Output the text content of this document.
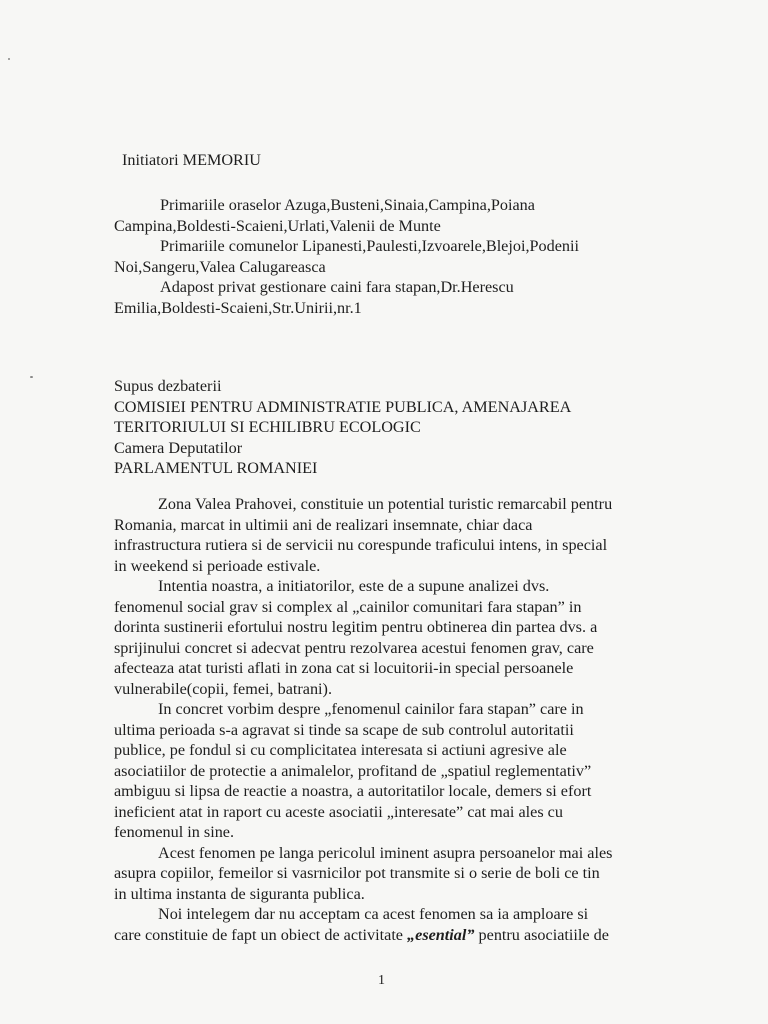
Initiatori MEMORIU
Primariile oraselor Azuga,Busteni,Sinaia,Campina,Poiana
Campina,Boldesti-Scaieni,Urlati,Valenii de Munte
Primariile comunelor Lipanesti,Paulesti,Izvoarele,Blejoi,Podenii
Noi,Sangeru,Valea Calugareasca
Adapost privat gestionare caini fara stapan,Dr.Herescu
Emilia,Boldesti-Scaieni,Str.Unirii,nr.1
Supus dezbaterii
COMISIEI PENTRU ADMINISTRATIE PUBLICA, AMENAJAREA
TERITORIULUI SI ECHILIBRU ECOLOGIC
Camera Deputatilor
PARLAMENTUL ROMANIEI

Zona Valea Prahovei, constituie un potential turistic remarcabil pentru
Romania, marcat in ultimii ani de realizari insemnate, chiar daca
infrastructura rutiera si de servicii nu corespunde traficului intens, in special
in weekend si perioade estivale.

Intentia noastra, a initiatorilor, este de a supune analizei dvs.
fenomenul social grav si complex al „cainilor comunitari fara stapan” in
dorinta sustinerii efortului nostru legitim pentru obtinerea din partea dvs. a
sprijinului concret si adecvat pentru rezolvarea acestui fenomen grav, care
afecteaza atat turisti aflati in zona cat si locuitorii-in special persoanele
vulnerabile(copii, femei, batrani).

In concret vorbim despre „fenomenul cainilor fara stapan” care in
ultima perioada s-a agravat si tinde sa scape de sub controlul autoritatii
publice, pe fondul si cu complicitatea interesata si actiuni agresive ale
asociatiilor de protectie a animalelor, profitand de „spatiul reglementativ”
ambiguu si lipsa de reactie a noastra, a autoritatilor locale, demers si efort
ineficient atat in raport cu aceste asociatii „interesate” cat mai ales cu
fenomenul in sine.

Acest fenomen pe langa pericolul iminent asupra persoanelor mai ales
asupra copiilor, femeilor si vasrnicilor pot transmite si o serie de boli ce tin
in ultima instanta de siguranta publica.

Noi intelegem dar nu acceptam ca acest fenomen sa ia amploare si
care constituie de fapt un obiect de activitate „esential” pentru asociatiile de

1
